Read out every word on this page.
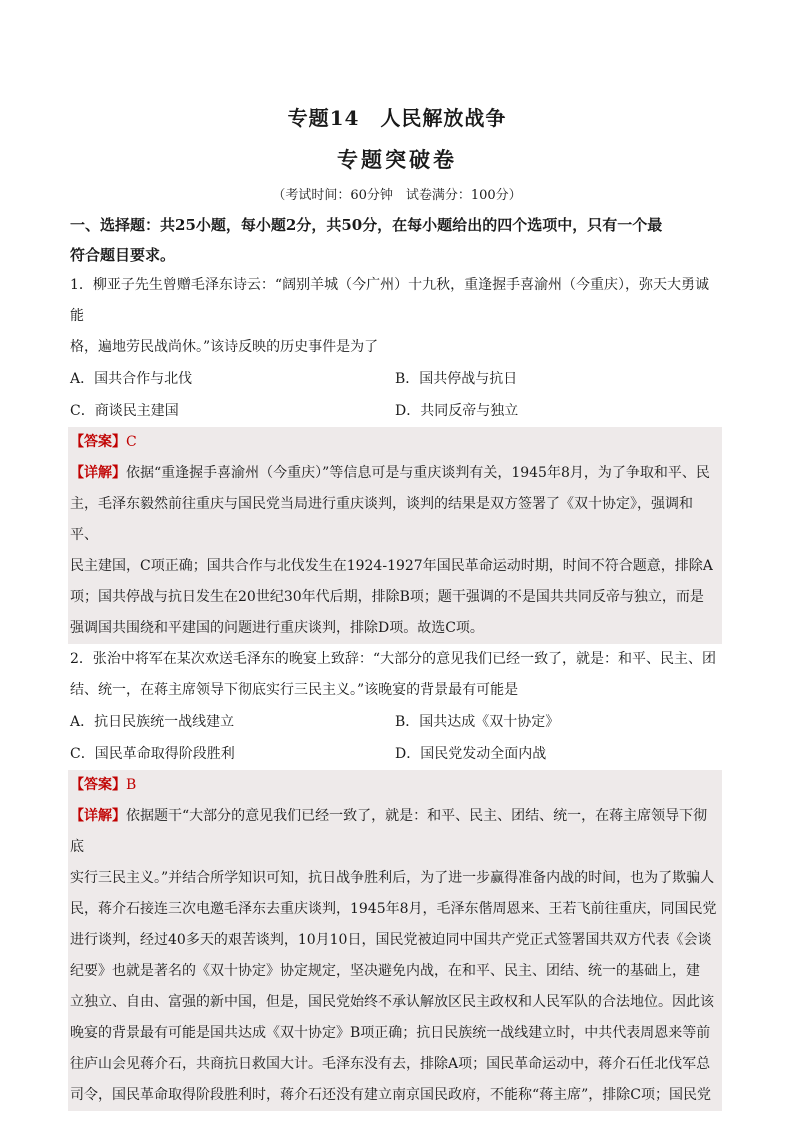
专题14　人民解放战争
专题突破卷
（考试时间：60分钟　试卷满分：100分）
一、选择题：共25小题，每小题2分，共50分，在每小题给出的四个选项中，只有一个最
符合题目要求。

1．柳亚子先生曾赠毛泽东诗云：“阔别羊城（今广州）十九秋，重逢握手喜渝州（今重庆），弥天大勇诚能

格，遍地劳民战尚休。”该诗反映的历史事件是为了

A．国共合作与北伐	B．国共停战与抗日
C．商谈民主建国	D．共同反帝与独立

【答案】C

【详解】依据“重逢握手喜渝州（今重庆）”等信息可是与重庆谈判有关，1945年8月，为了争取和平、民

主，毛泽东毅然前往重庆与国民党当局进行重庆谈判，谈判的结果是双方签署了《双十协定》，强调和平、

民主建国，C项正确；国共合作与北伐发生在1924-1927年国民革命运动时期，时间不符合题意，排除A

项；国共停战与抗日发生在20世纪30年代后期，排除B项；题干强调的不是国共共同反帝与独立，而是

强调国共围绕和平建国的问题进行重庆谈判，排除D项。故选C项。

2．张治中将军在某次欢送毛泽东的晚宴上致辞：“大部分的意见我们已经一致了，就是：和平、民主、团

结、统一，在蒋主席领导下彻底实行三民主义。”该晚宴的背景最有可能是

A．抗日民族统一战线建立	B．国共达成《双十协定》
C．国民革命取得阶段胜利	D．国民党发动全面内战

【答案】B

【详解】依据题干“大部分的意见我们已经一致了，就是：和平、民主、团结、统一，在蒋主席领导下彻底

实行三民主义。”并结合所学知识可知，抗日战争胜利后，为了进一步赢得准备内战的时间，也为了欺骗人

民，蒋介石接连三次电邀毛泽东去重庆谈判，1945年8月，毛泽东偕周恩来、王若飞前往重庆，同国民党

进行谈判，经过40多天的艰苦谈判，10月10日，国民党被迫同中国共产党正式签署国共双方代表《会谈

纪要》也就是著名的《双十协定》协定规定，坚决避免内战，在和平、民主、团结、统一的基础上，建

立独立、自由、富强的新中国，但是，国民党始终不承认解放区民主政权和人民军队的合法地位。因此该

晚宴的背景最有可能是国共达成《双十协定》B项正确；抗日民族统一战线建立时，中共代表周恩来等前

往庐山会见蒋介石，共商抗日救国大计。毛泽东没有去，排除A项；国民革命运动中，蒋介石任北伐军总

司令，国民革命取得阶段胜利时，蒋介石还没有建立南京国民政府，不能称“蒋主席”，排除C项；国民党
